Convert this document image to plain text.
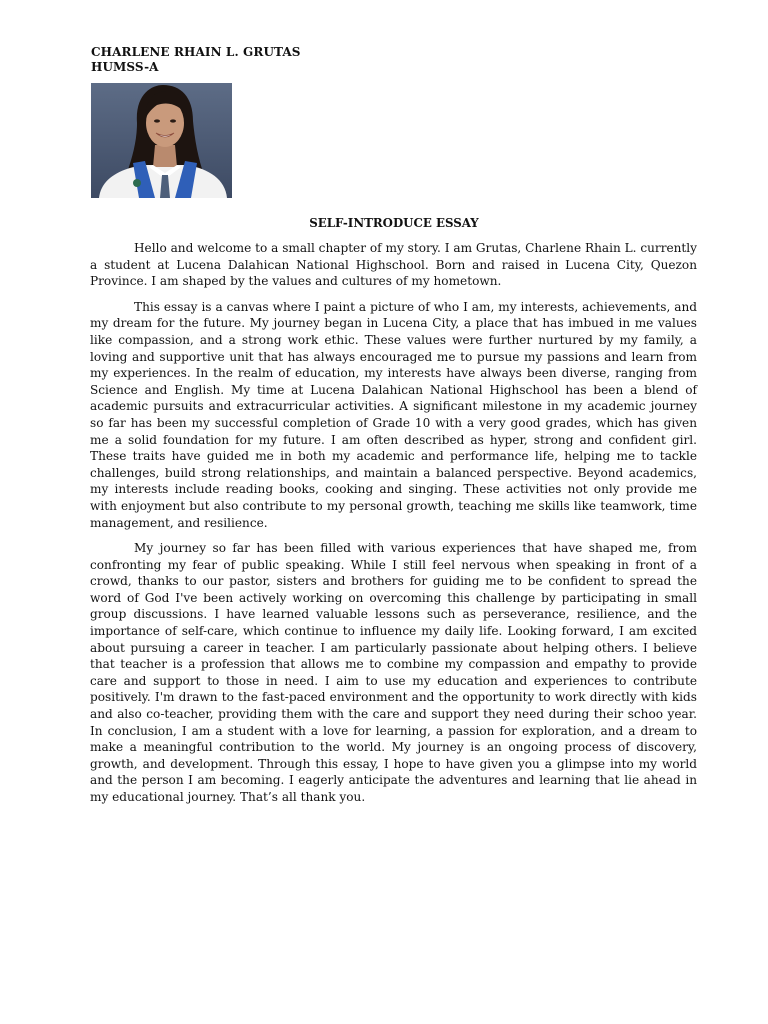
CHARLENE RHAIN L. GRUTAS
HUMSS-A
SELF-INTRODUCE ESSAY

Hello and welcome to a small chapter of my story. I am Grutas, Charlene Rhain L. currently a student at Lucena Dalahican National Highschool. Born and raised in Lucena City, Quezon Province. I am shaped by the values and cultures of my hometown.

This essay is a canvas where I paint a picture of who I am, my interests, achievements, and my dream for the future. My journey began in Lucena City, a place that has imbued in me values like compassion, and a strong work ethic. These values were further nurtured by my family, a loving and supportive unit that has always encouraged me to pursue my passions and learn from my experiences. In the realm of education, my interests have always been diverse, ranging from Science and English. My time at Lucena Dalahican National Highschool has been a blend of academic pursuits and extracurricular activities. A significant milestone in my academic journey so far has been my successful completion of Grade 10 with a very good grades, which has given me a solid foundation for my future. I am often described as hyper, strong and confident girl. These traits have guided me in both my academic and performance life, helping me to tackle challenges, build strong relationships, and maintain a balanced perspective. Beyond academics, my interests include reading books, cooking and singing. These activities not only provide me with enjoyment but also contribute to my personal growth, teaching me skills like teamwork, time management, and resilience.

My journey so far has been filled with various experiences that have shaped me, from confronting my fear of public speaking. While I still feel nervous when speaking in front of a crowd, thanks to our pastor, sisters and brothers for guiding me to be confident to spread the word of God I've been actively working on overcoming this challenge by participating in small group discussions. I have learned valuable lessons such as perseverance, resilience, and the importance of self-care, which continue to influence my daily life. Looking forward, I am excited about pursuing a career in teacher. I am particularly passionate about helping others. I believe that teacher is a profession that allows me to combine my compassion and empathy to provide care and support to those in need. I aim to use my education and experiences to contribute positively. I'm drawn to the fast-paced environment and the opportunity to work directly with kids and also co-teacher, providing them with the care and support they need during their schoo year. In conclusion, I am a student with a love for learning, a passion for exploration, and a dream to make a meaningful contribution to the world. My journey is an ongoing process of discovery, growth, and development. Through this essay, I hope to have given you a glimpse into my world and the person I am becoming. I eagerly anticipate the adventures and learning that lie ahead in my educational journey. That’s all thank you.
